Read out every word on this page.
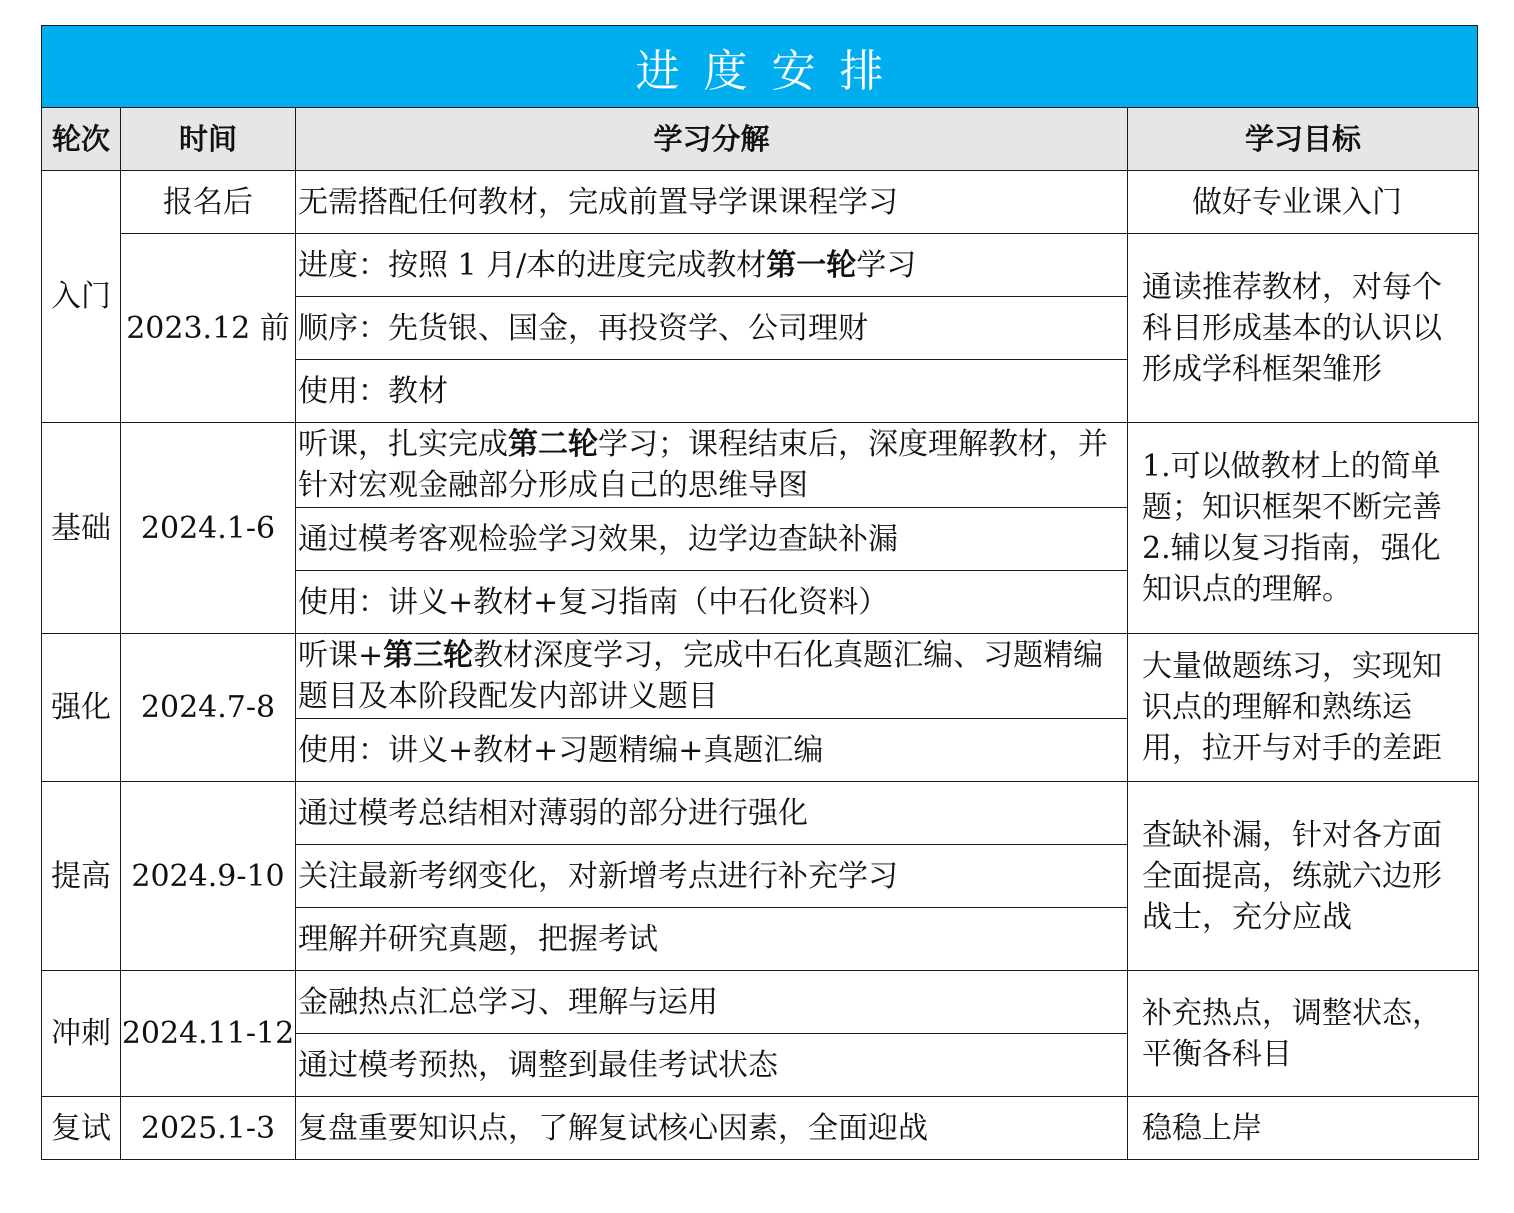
进度安排
轮次	时间	学习分解	学习目标
入门	报名后	无需搭配任何教材，完成前置导学课课程学习	做好专业课入门
	2023.12 前	进度：按照 1 月/本的进度完成教材第一轮学习	通读推荐教材，对每个科目形成基本的认识以形成学科框架雏形
		顺序：先货银、国金，再投资学、公司理财	
		使用：教材	
基础	2024.1-6	听课，扎实完成第二轮学习；课程结束后，深度理解教材，并针对宏观金融部分形成自己的思维导图	1.可以做教材上的简单题；知识框架不断完善 2.辅以复习指南，强化知识点的理解。
		通过模考客观检验学习效果，边学边查缺补漏	
		使用：讲义+教材+复习指南（中石化资料）	
强化	2024.7-8	听课+第三轮教材深度学习，完成中石化真题汇编、习题精编题目及本阶段配发内部讲义题目	大量做题练习，实现知识点的理解和熟练运用，拉开与对手的差距
		使用：讲义+教材+习题精编+真题汇编	
提高	2024.9-10	通过模考总结相对薄弱的部分进行强化	查缺补漏，针对各方面全面提高，练就六边形战士，充分应战
		关注最新考纲变化，对新增考点进行补充学习	
		理解并研究真题，把握考试	
冲刺	2024.11-12	金融热点汇总学习、理解与运用	补充热点，调整状态，平衡各科目
		通过模考预热，调整到最佳考试状态	
复试	2025.1-3	复盘重要知识点，了解复试核心因素，全面迎战	稳稳上岸
